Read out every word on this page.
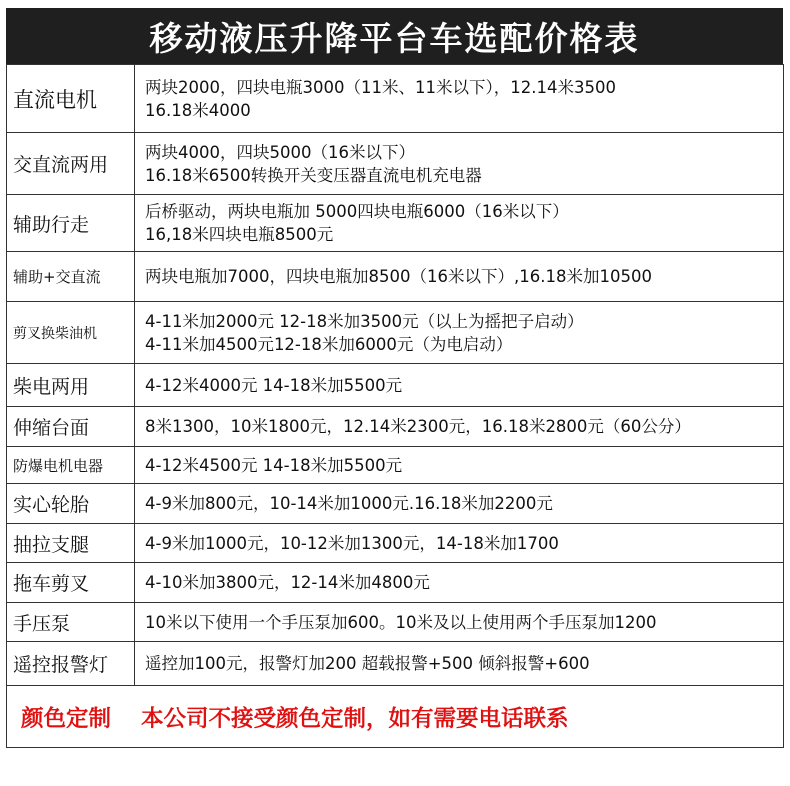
移动液压升降平台车选配价格表
直流电机	两块2000，四块电瓶3000（11米、11米以下），12.14米3500
16.18米4000

交直流两用	两块4000，四块5000（16米以下）
16.18米6500转换开关变压器直流电机充电器

辅助行走	后桥驱动，两块电瓶加 5000四块电瓶6000（16米以下）
16,18米四块电瓶8500元

辅助+交直流	两块电瓶加7000，四块电瓶加8500（16米以下）,16.18米加10500

剪叉换柴油机	4-11米加2000元 12-18米加3500元（以上为摇把子启动）
4-11米加4500元12-18米加6000元（为电启动）

柴电两用	4-12米4000元 14-18米加5500元

伸缩台面	8米1300，10米1800元，12.14米2300元，16.18米2800元（60公分）

防爆电机电器	4-12米4500元 14-18米加5500元

实心轮胎	4-9米加800元，10-14米加1000元.16.18米加2200元

抽拉支腿	4-9米加1000元，10-12米加1300元，14-18米加1700

拖车剪叉	4-10米加3800元，12-14米加4800元

手压泵	10米以下使用一个手压泵加600。10米及以上使用两个手压泵加1200

遥控报警灯	遥控加100元，报警灯加200 超载报警+500 倾斜报警+600

颜色定制 本公司不接受颜色定制，如有需要电话联系	
